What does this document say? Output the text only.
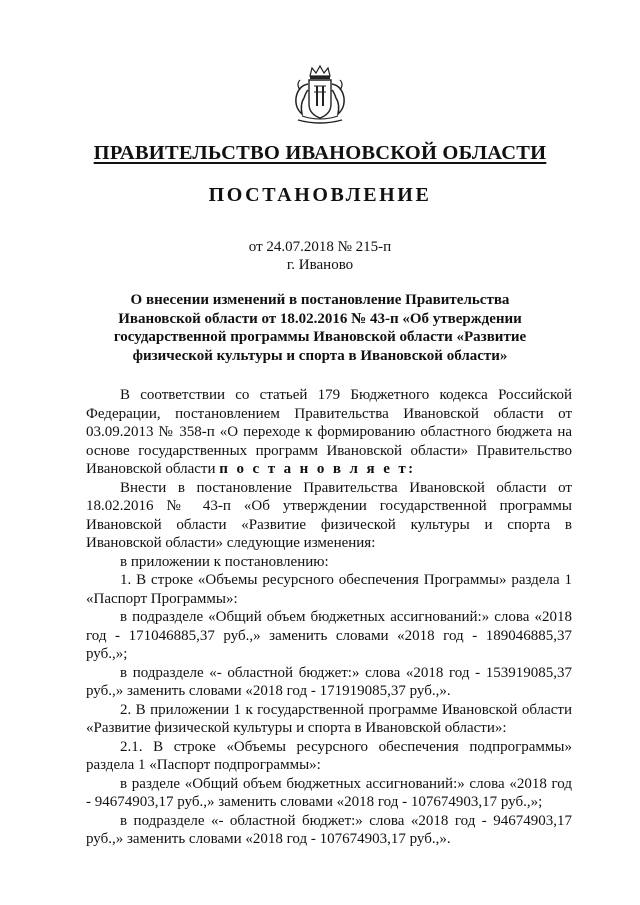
ПРАВИТЕЛЬСТВО ИВАНОВСКОЙ ОБЛАСТИ
ПОСТАНОВЛЕНИЕ
от 24.07.2018 № 215-п
г. Иваново
О внесении изменений в постановление Правительства
Ивановской области от 18.02.2016 № 43-п «Об утверждении
государственной программы Ивановской области «Развитие
физической культуры и спорта в Ивановской области»

В соответствии со статьей 179 Бюджетного кодекса Российской Федерации, постановлением Правительства Ивановской области от 03.09.2013 № 358-п «О переходе к формированию областного бюджета на основе государственных программ Ивановской области» Правительство Ивановской области п о с т а н о в л я е т:

Внести в постановление Правительства Ивановской области от 18.02.2016 № 43-п «Об утверждении государственной программы Ивановской области «Развитие физической культуры и спорта в Ивановской области» следующие изменения:

в приложении к постановлению:

1. В строке «Объемы ресурсного обеспечения Программы» раздела 1 «Паспорт Программы»:

в подразделе «Общий объем бюджетных ассигнований:» слова «2018 год - 171046885,37 руб.,» заменить словами «2018 год - 189046885,37 руб.,»;

в подразделе «- областной бюджет:» слова «2018 год - 153919085,37 руб.,» заменить словами «2018 год - 171919085,37 руб.,».

2. В приложении 1 к государственной программе Ивановской области «Развитие физической культуры и спорта в Ивановской области»:

2.1. В строке «Объемы ресурсного обеспечения подпрограммы» раздела 1 «Паспорт подпрограммы»:

в разделе «Общий объем бюджетных ассигнований:» слова «2018 год - 94674903,17 руб.,» заменить словами «2018 год - 107674903,17 руб.,»;

в подразделе «- областной бюджет:» слова «2018 год - 94674903,17 руб.,» заменить словами «2018 год - 107674903,17 руб.,».
